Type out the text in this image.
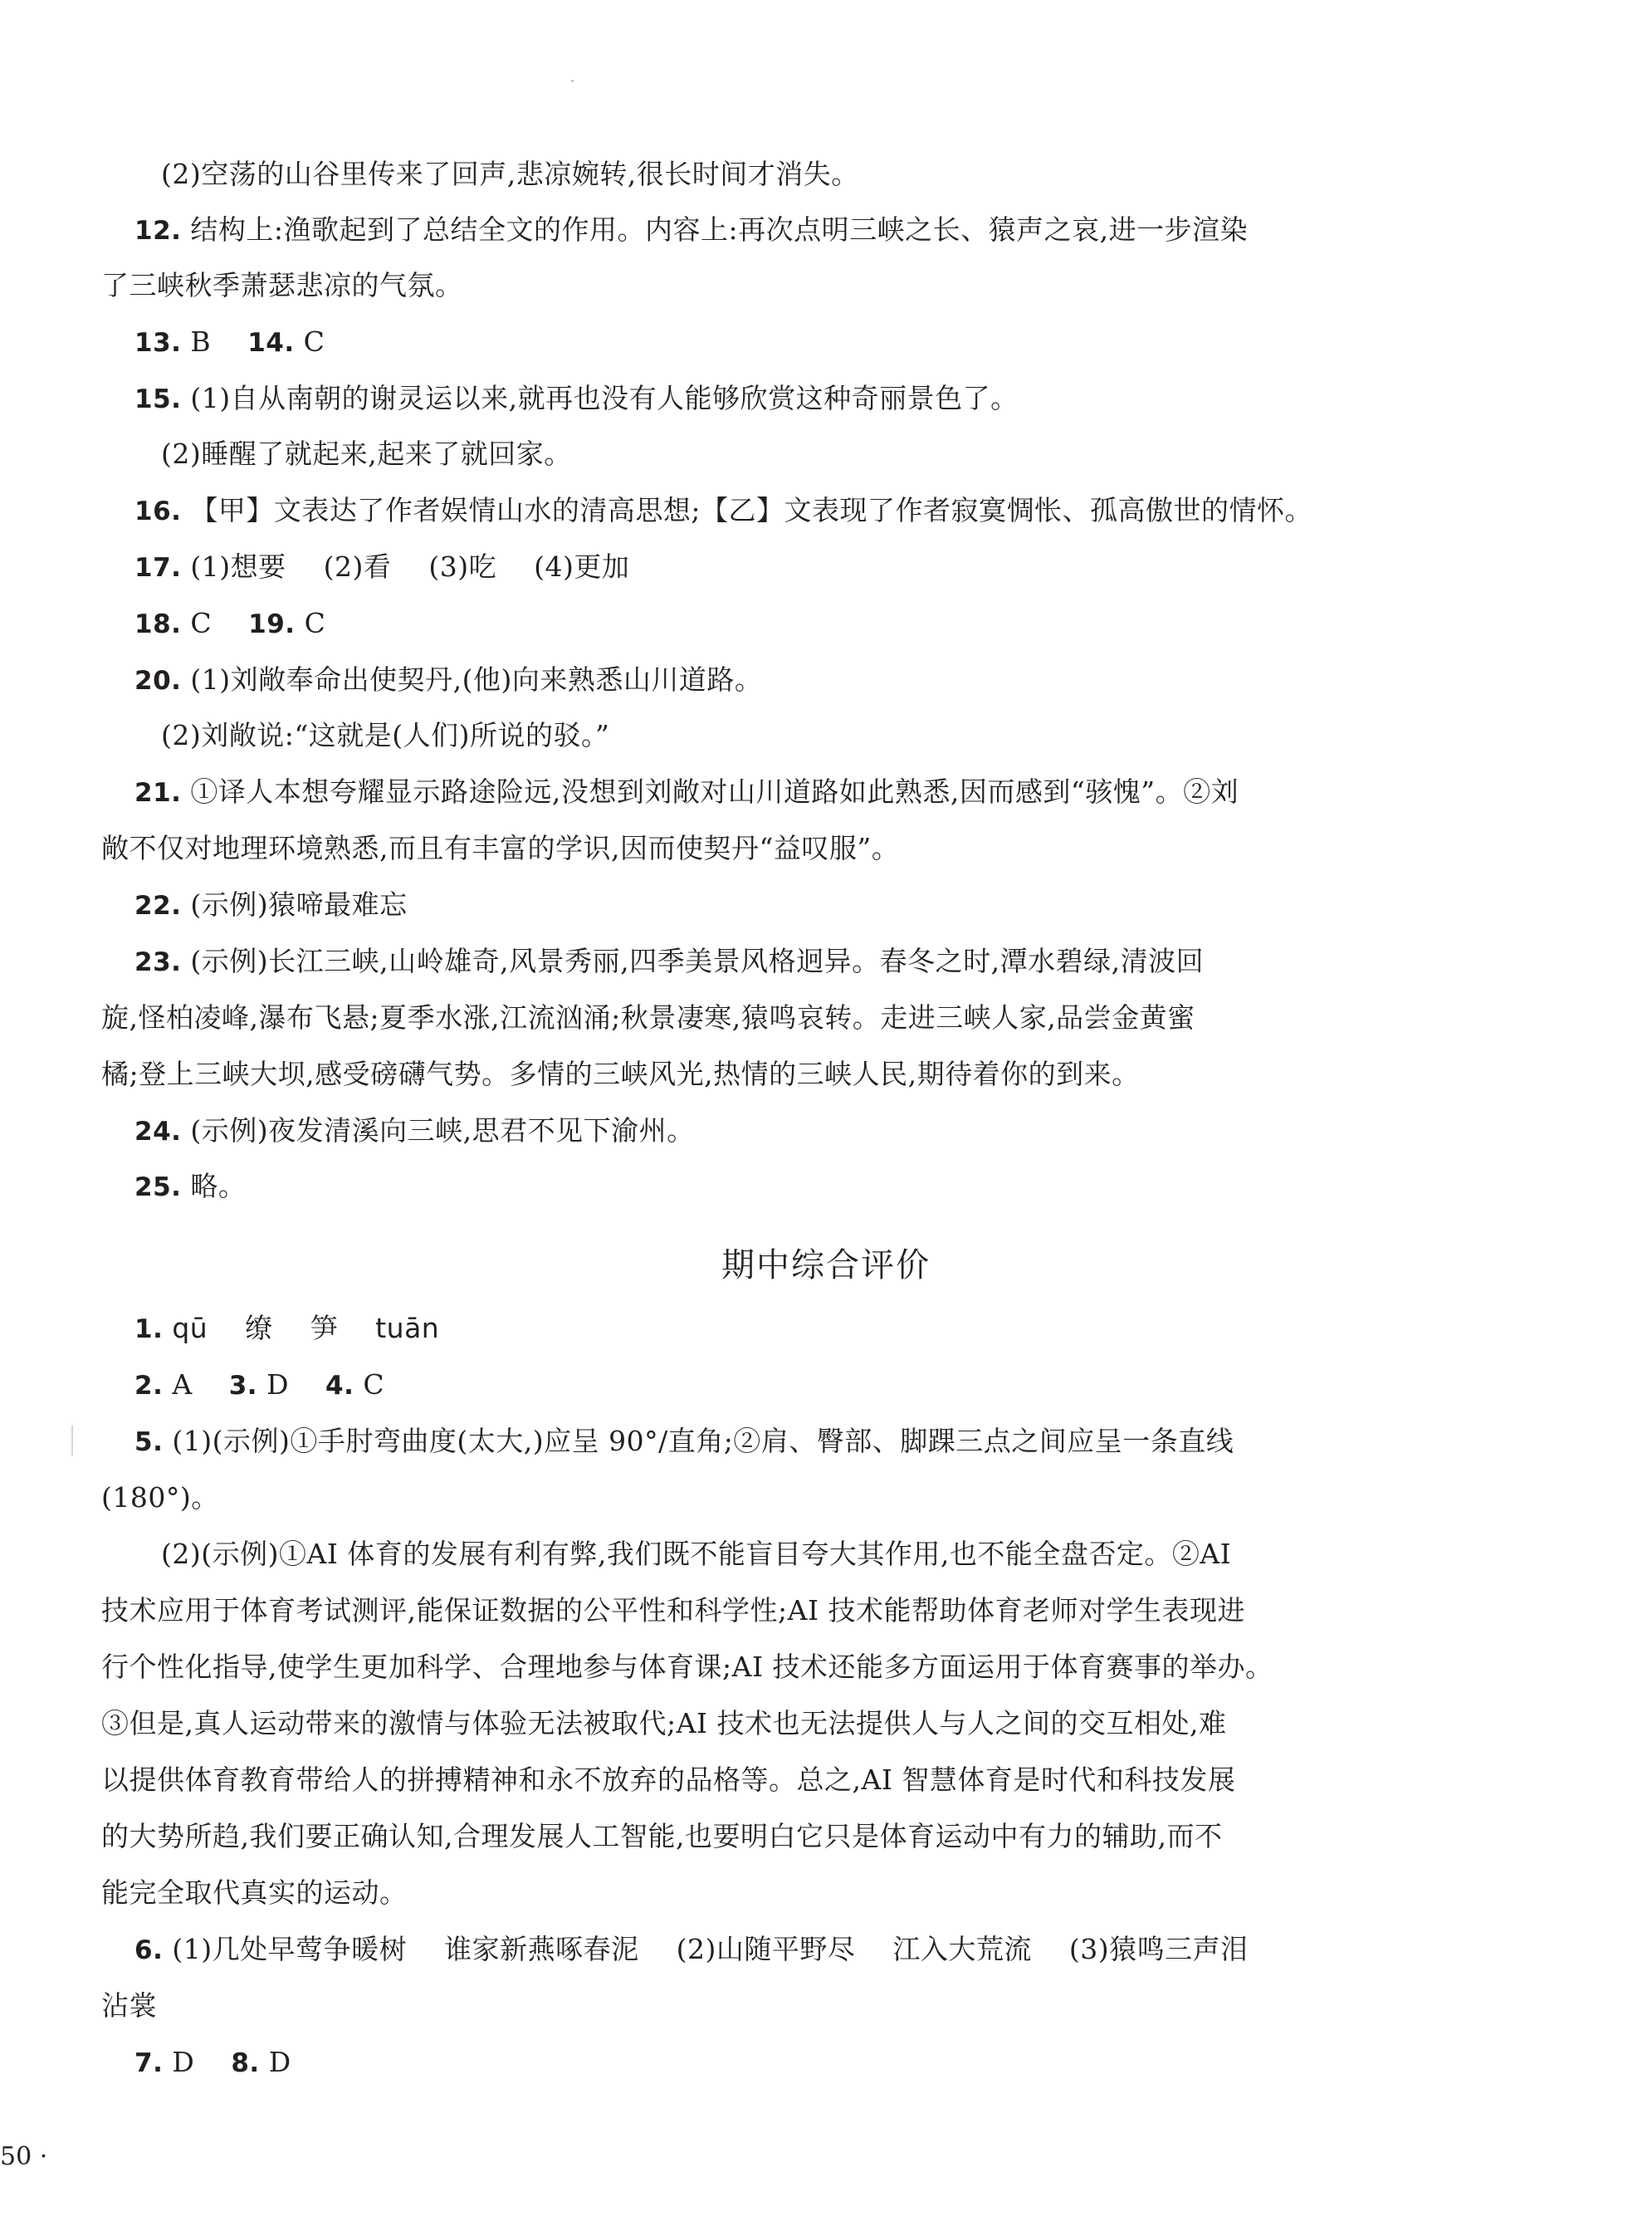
(2)空荡的山谷里传来了回声,悲凉婉转,很长时间才消失。
12. 结构上:渔歌起到了总结全文的作用。内容上:再次点明三峡之长、猿声之哀,进一步渲染
了三峡秋季萧瑟悲凉的气氛。
13. B 14. C
15. (1)自从南朝的谢灵运以来,就再也没有人能够欣赏这种奇丽景色了。
(2)睡醒了就起来,起来了就回家。
16. 【甲】文表达了作者娱情山水的清高思想;【乙】文表现了作者寂寞惆怅、孤高傲世的情怀。
17. (1)想要 (2)看 (3)吃 (4)更加
18. C 19. C
20. (1)刘敞奉命出使契丹,(他)向来熟悉山川道路。
(2)刘敞说:“这就是(人们)所说的驳。”
21. ①译人本想夸耀显示路途险远,没想到刘敞对山川道路如此熟悉,因而感到“骇愧”。②刘
敞不仅对地理环境熟悉,而且有丰富的学识,因而使契丹“益叹服”。
22. (示例)猿啼最难忘
23. (示例)长江三峡,山岭雄奇,风景秀丽,四季美景风格迥异。春冬之时,潭水碧绿,清波回
旋,怪柏凌峰,瀑布飞悬;夏季水涨,江流汹涌;秋景凄寒,猿鸣哀转。走进三峡人家,品尝金黄蜜
橘;登上三峡大坝,感受磅礴气势。多情的三峡风光,热情的三峡人民,期待着你的到来。
24. (示例)夜发清溪向三峡,思君不见下渝州。
25. 略。
期中综合评价
1. qū 缭 笋 tuān
2. A 3. D 4. C
5. (1)(示例)①手肘弯曲度(太大,)应呈 90°/直角;②肩、臀部、脚踝三点之间应呈一条直线
(180°)。
(2)(示例)①AI 体育的发展有利有弊,我们既不能盲目夸大其作用,也不能全盘否定。②AI
技术应用于体育考试测评,能保证数据的公平性和科学性;AI 技术能帮助体育老师对学生表现进
行个性化指导,使学生更加科学、合理地参与体育课;AI 技术还能多方面运用于体育赛事的举办。
③但是,真人运动带来的激情与体验无法被取代;AI 技术也无法提供人与人之间的交互相处,难
以提供体育教育带给人的拼搏精神和永不放弃的品格等。总之,AI 智慧体育是时代和科技发展
的大势所趋,我们要正确认知,合理发展人工智能,也要明白它只是体育运动中有力的辅助,而不
能完全取代真实的运动。
6. (1)几处早莺争暖树 谁家新燕啄春泥 (2)山随平野尽 江入大荒流 (3)猿鸣三声泪
沾裳
7. D 8. D
50 ·
